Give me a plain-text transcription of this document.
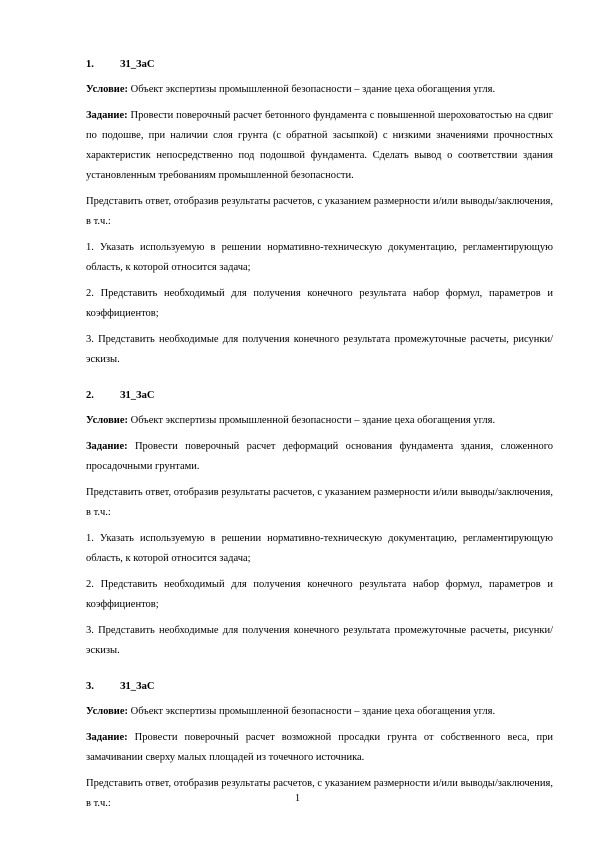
1. З1_ЗаС

Условие: Объект экспертизы промышленной безопасности – здание цеха обогащения угля.

Задание: Провести поверочный расчет бетонного фундамента с повышенной шероховатостью на сдвиг по подошве, при наличии слоя грунта (с обратной засыпкой) с низкими значениями прочностных характеристик непосредственно под подошвой фундамента. Сделать вывод о соответствии здания установленным требованиям промышленной безопасности.

Представить ответ, отобразив результаты расчетов, с указанием размерности и/или выводы/заключения, в т.ч.:

1. Указать используемую в решении нормативно-техническую документацию, регламентирующую область, к которой относится задача;

2. Представить необходимый для получения конечного результата набор формул, параметров и коэффициентов;

3. Представить необходимые для получения конечного результата промежуточные расчеты, рисунки/эскизы.

2. З1_ЗаС

Условие: Объект экспертизы промышленной безопасности – здание цеха обогащения угля.

Задание: Провести поверочный расчет деформаций основания фундамента здания, сложенного просадочными грунтами.

Представить ответ, отобразив результаты расчетов, с указанием размерности и/или выводы/заключения, в т.ч.:

1. Указать используемую в решении нормативно-техническую документацию, регламентирующую область, к которой относится задача;

2. Представить необходимый для получения конечного результата набор формул, параметров и коэффициентов;

3. Представить необходимые для получения конечного результата промежуточные расчеты, рисунки/эскизы.

3. З1_ЗаС

Условие: Объект экспертизы промышленной безопасности – здание цеха обогащения угля.

Задание: Провести поверочный расчет возможной просадки грунта от собственного веса, при замачивании сверху малых площадей из точечного источника.

Представить ответ, отобразив результаты расчетов, с указанием размерности и/или выводы/заключения, в т.ч.:	1
